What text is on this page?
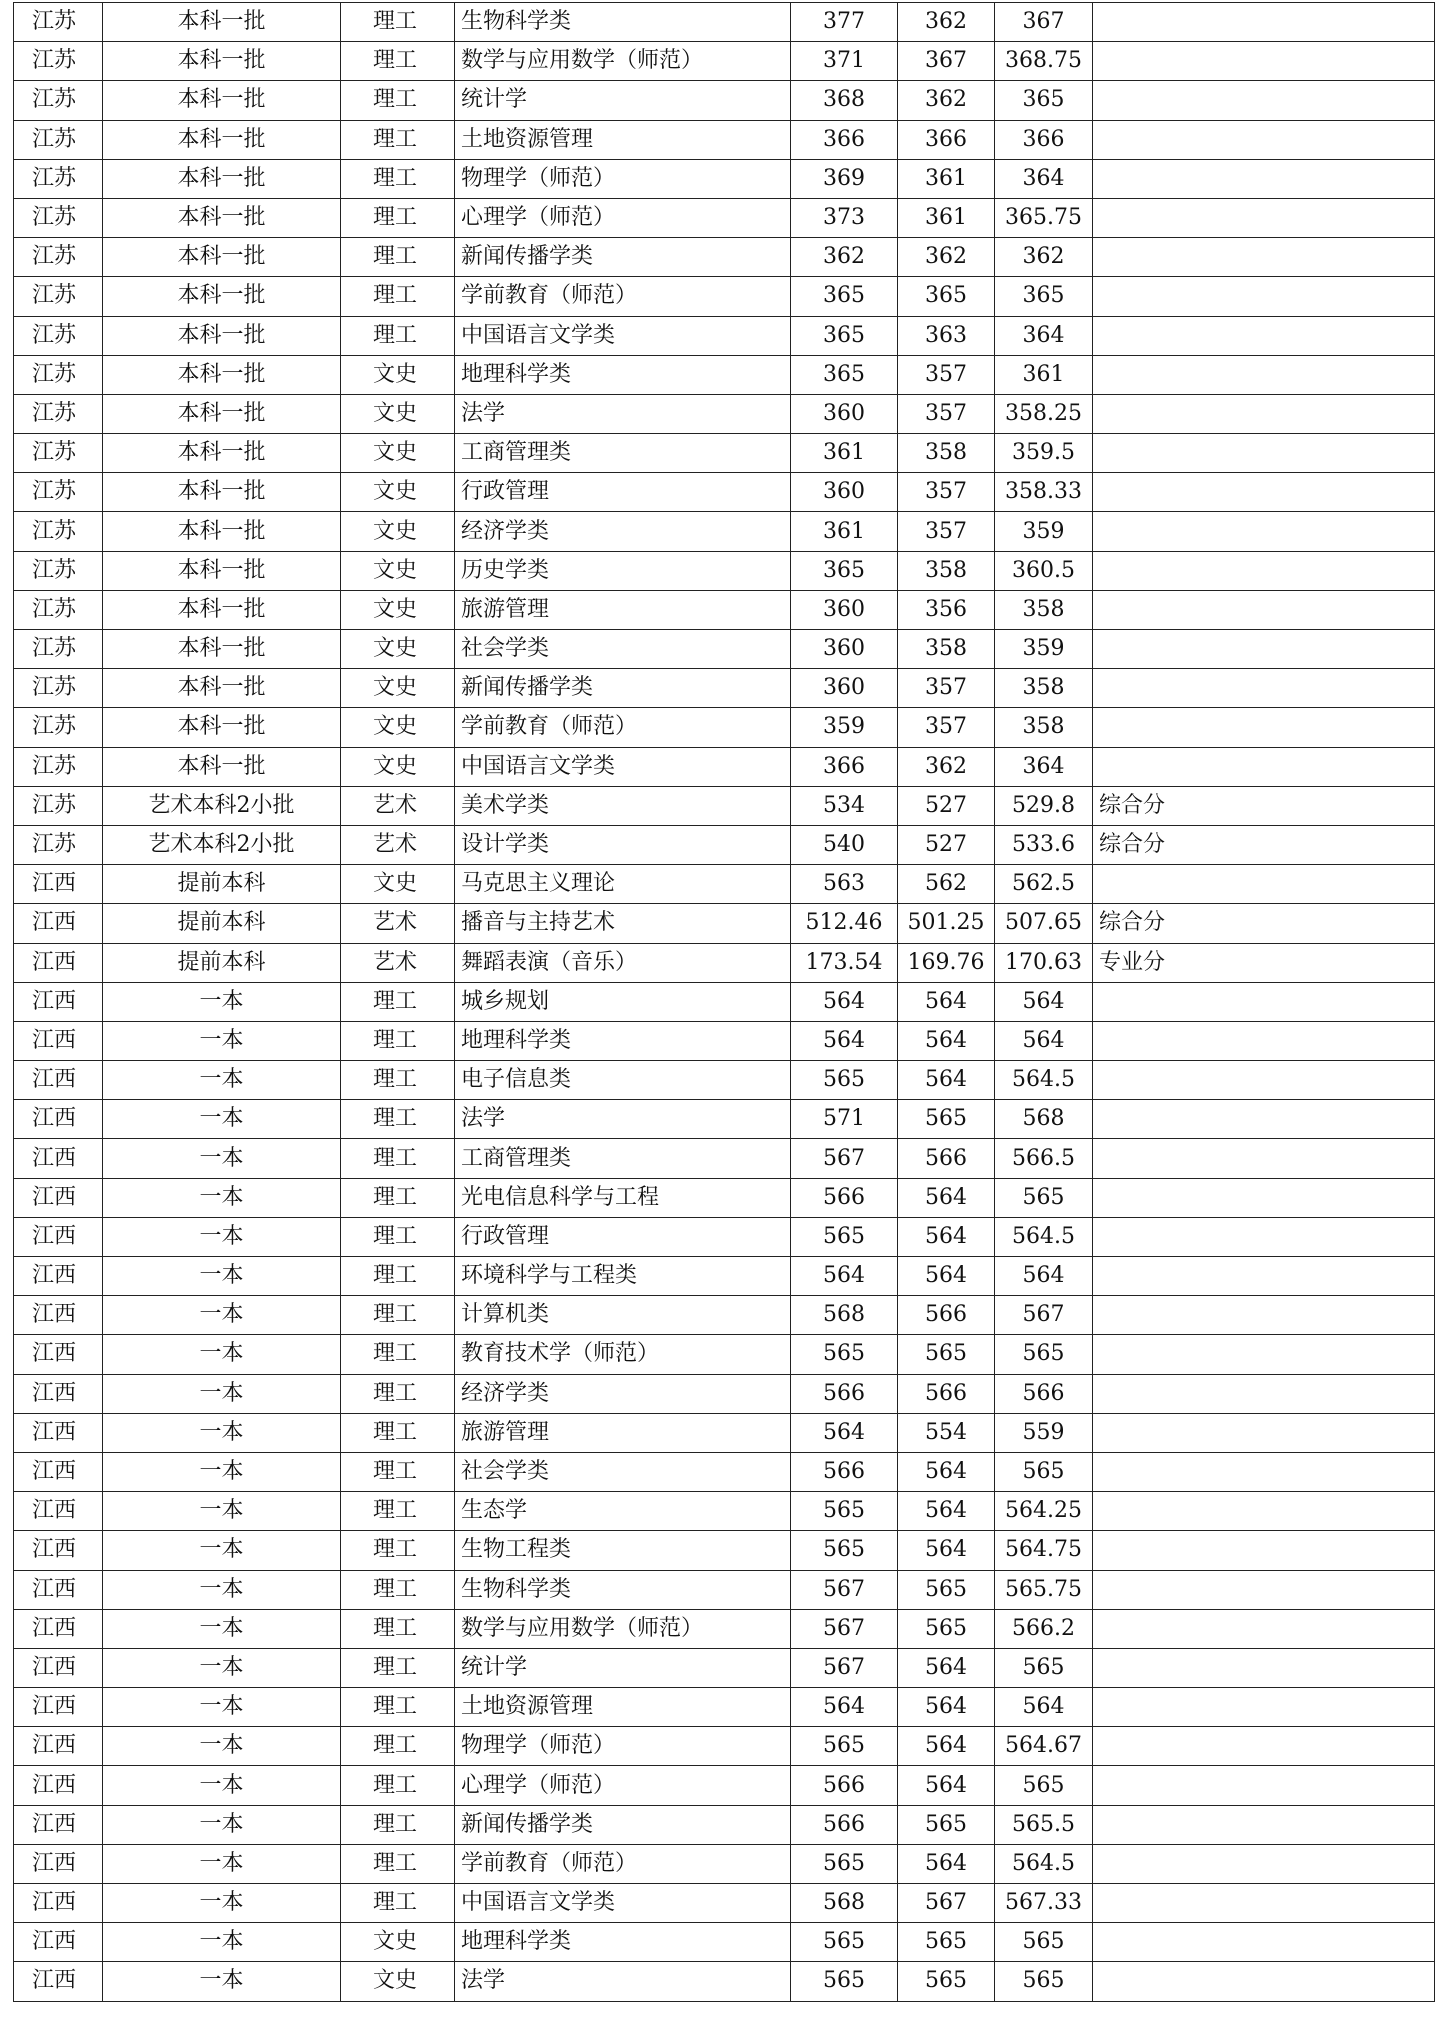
江苏	本科一批	理工	生物科学类	377	362	367	
江苏	本科一批	理工	数学与应用数学（师范）	371	367	368.75	
江苏	本科一批	理工	统计学	368	362	365	
江苏	本科一批	理工	土地资源管理	366	366	366	
江苏	本科一批	理工	物理学（师范）	369	361	364	
江苏	本科一批	理工	心理学（师范）	373	361	365.75	
江苏	本科一批	理工	新闻传播学类	362	362	362	
江苏	本科一批	理工	学前教育（师范）	365	365	365	
江苏	本科一批	理工	中国语言文学类	365	363	364	
江苏	本科一批	文史	地理科学类	365	357	361	
江苏	本科一批	文史	法学	360	357	358.25	
江苏	本科一批	文史	工商管理类	361	358	359.5	
江苏	本科一批	文史	行政管理	360	357	358.33	
江苏	本科一批	文史	经济学类	361	357	359	
江苏	本科一批	文史	历史学类	365	358	360.5	
江苏	本科一批	文史	旅游管理	360	356	358	
江苏	本科一批	文史	社会学类	360	358	359	
江苏	本科一批	文史	新闻传播学类	360	357	358	
江苏	本科一批	文史	学前教育（师范）	359	357	358	
江苏	本科一批	文史	中国语言文学类	366	362	364	
江苏	艺术本科2小批	艺术	美术学类	534	527	529.8	综合分
江苏	艺术本科2小批	艺术	设计学类	540	527	533.6	综合分
江西	提前本科	文史	马克思主义理论	563	562	562.5	
江西	提前本科	艺术	播音与主持艺术	512.46	501.25	507.65	综合分
江西	提前本科	艺术	舞蹈表演（音乐）	173.54	169.76	170.63	专业分
江西	一本	理工	城乡规划	564	564	564	
江西	一本	理工	地理科学类	564	564	564	
江西	一本	理工	电子信息类	565	564	564.5	
江西	一本	理工	法学	571	565	568	
江西	一本	理工	工商管理类	567	566	566.5	
江西	一本	理工	光电信息科学与工程	566	564	565	
江西	一本	理工	行政管理	565	564	564.5	
江西	一本	理工	环境科学与工程类	564	564	564	
江西	一本	理工	计算机类	568	566	567	
江西	一本	理工	教育技术学（师范）	565	565	565	
江西	一本	理工	经济学类	566	566	566	
江西	一本	理工	旅游管理	564	554	559	
江西	一本	理工	社会学类	566	564	565	
江西	一本	理工	生态学	565	564	564.25	
江西	一本	理工	生物工程类	565	564	564.75	
江西	一本	理工	生物科学类	567	565	565.75	
江西	一本	理工	数学与应用数学（师范）	567	565	566.2	
江西	一本	理工	统计学	567	564	565	
江西	一本	理工	土地资源管理	564	564	564	
江西	一本	理工	物理学（师范）	565	564	564.67	
江西	一本	理工	心理学（师范）	566	564	565	
江西	一本	理工	新闻传播学类	566	565	565.5	
江西	一本	理工	学前教育（师范）	565	564	564.5	
江西	一本	理工	中国语言文学类	568	567	567.33	
江西	一本	文史	地理科学类	565	565	565	
江西	一本	文史	法学	565	565	565	
